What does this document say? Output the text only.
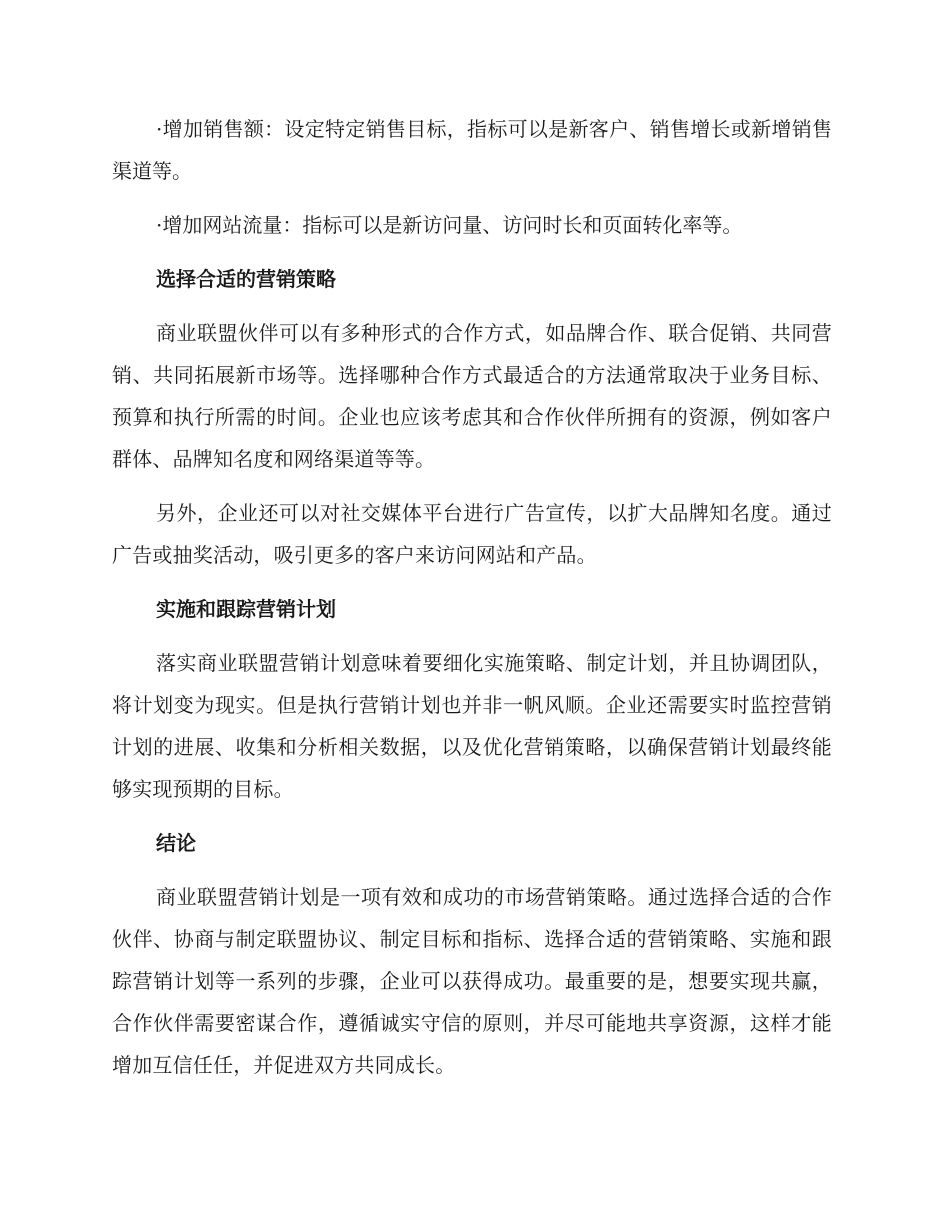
·增加销售额：设定特定销售目标，指标可以是新客户、销售增长或新增销售渠道等。

·增加网站流量：指标可以是新访问量、访问时长和页面转化率等。

选择合适的营销策略

商业联盟伙伴可以有多种形式的合作方式，如品牌合作、联合促销、共同营销、共同拓展新市场等。选择哪种合作方式最适合的方法通常取决于业务目标、预算和执行所需的时间。企业也应该考虑其和合作伙伴所拥有的资源，例如客户群体、品牌知名度和网络渠道等等。

另外，企业还可以对社交媒体平台进行广告宣传，以扩大品牌知名度。通过广告或抽奖活动，吸引更多的客户来访问网站和产品。

实施和跟踪营销计划

落实商业联盟营销计划意味着要细化实施策略、制定计划，并且协调团队，将计划变为现实。但是执行营销计划也并非一帆风顺。企业还需要实时监控营销计划的进展、收集和分析相关数据，以及优化营销策略，以确保营销计划最终能够实现预期的目标。

结论

商业联盟营销计划是一项有效和成功的市场营销策略。通过选择合适的合作伙伴、协商与制定联盟协议、制定目标和指标、选择合适的营销策略、实施和跟踪营销计划等一系列的步骤，企业可以获得成功。最重要的是，想要实现共赢，合作伙伴需要密谋合作，遵循诚实守信的原则，并尽可能地共享资源，这样才能增加互信任任，并促进双方共同成长。
